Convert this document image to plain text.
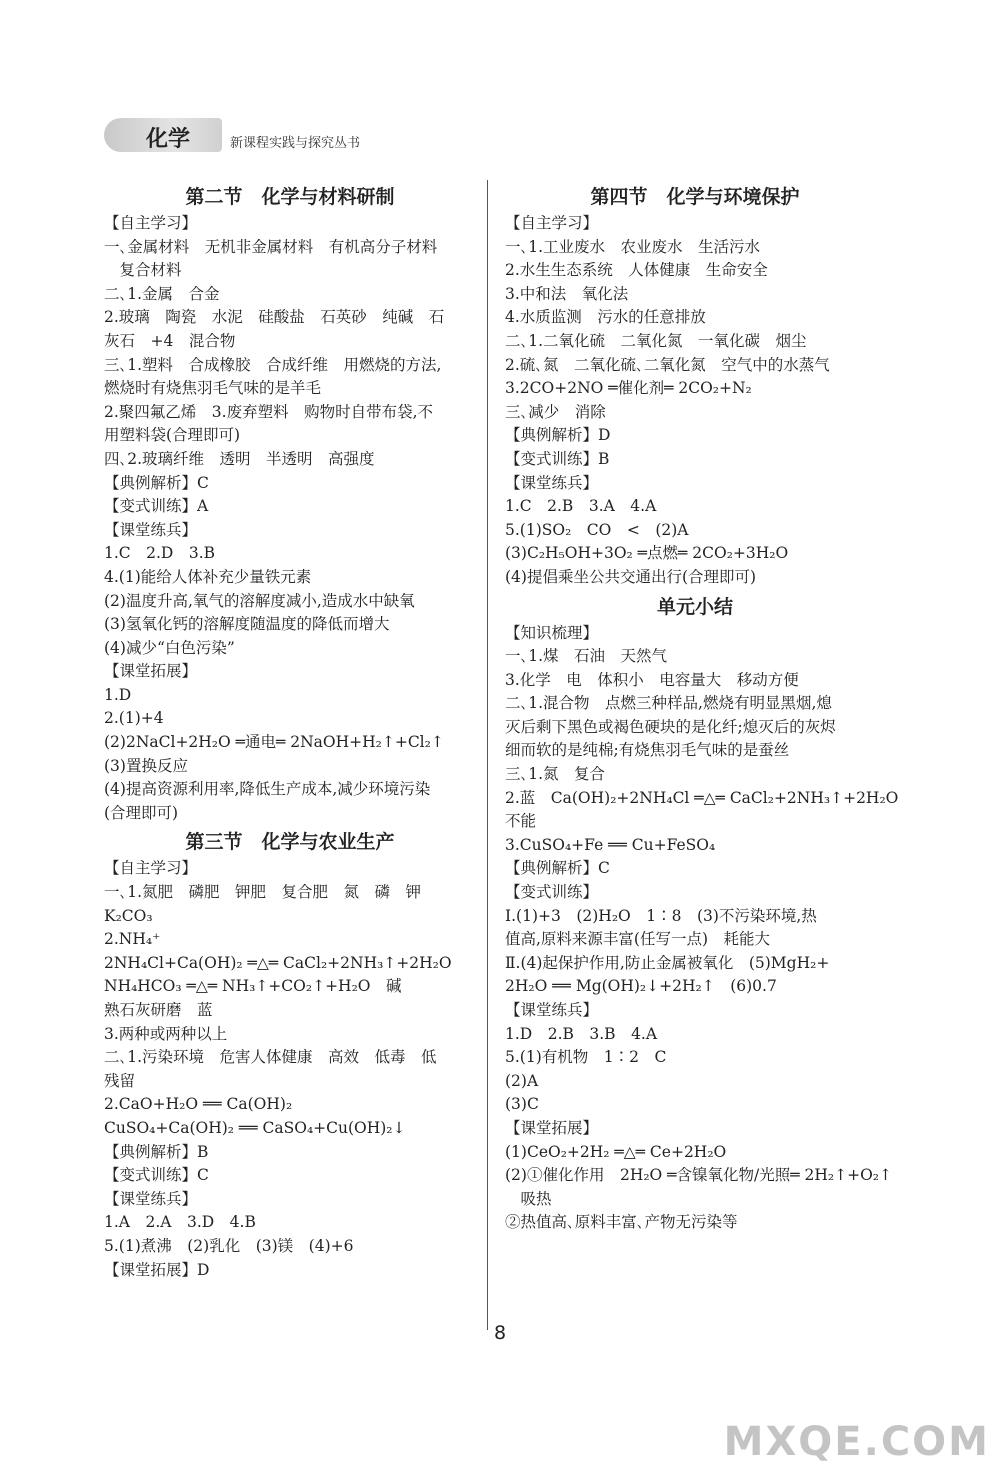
化学	新课程实践与探究丛书
第二节　化学与材料研制
【自主学习】
一､金属材料　无机非金属材料　有机高分子材料
　复合材料
二､1.金属　合金
2.玻璃　陶瓷　水泥　硅酸盐　石英砂　纯碱　石
灰石　+4　混合物
三､1.塑料　合成橡胶　合成纤维　用燃烧的方法,
燃烧时有烧焦羽毛气味的是羊毛
2.聚四氟乙烯　3.废弃塑料　购物时自带布袋,不
用塑料袋(合理即可)
四､2.玻璃纤维　透明　半透明　高强度
【典例解析】C
【变式训练】A
【课堂练兵】
1.C　2.D　3.B
4.(1)能给人体补充少量铁元素
(2)温度升高,氧气的溶解度减小,造成水中缺氧
(3)氢氧化钙的溶解度随温度的降低而增大
(4)减少“白色污染”
【课堂拓展】
1.D
2.(1)+4
(2)2NaCl+2H₂O ═通电═ 2NaOH+H₂↑+Cl₂↑
(3)置换反应
(4)提高资源利用率,降低生产成本,减少环境污染
(合理即可)
第三节　化学与农业生产
【自主学习】
一､1.氮肥　磷肥　钾肥　复合肥　氮　磷　钾
K₂CO₃
2.NH₄⁺
2NH₄Cl+Ca(OH)₂ ═△═ CaCl₂+2NH₃↑+2H₂O
NH₄HCO₃ ═△═ NH₃↑+CO₂↑+H₂O　碱
熟石灰研磨　蓝
3.两种或两种以上
二､1.污染环境　危害人体健康　高效　低毒　低
残留
2.CaO+H₂O ══ Ca(OH)₂
CuSO₄+Ca(OH)₂ ══ CaSO₄+Cu(OH)₂↓
【典例解析】B
【变式训练】C
【课堂练兵】
1.A　2.A　3.D　4.B
5.(1)煮沸　(2)乳化　(3)镁　(4)+6
【课堂拓展】D
第四节　化学与环境保护
【自主学习】
一､1.工业废水　农业废水　生活污水
2.水生生态系统　人体健康　生命安全
3.中和法　氧化法
4.水质监测　污水的任意排放
二､1.二氧化硫　二氧化氮　一氧化碳　烟尘
2.硫､氮　二氧化硫､二氧化氮　空气中的水蒸气
3.2CO+2NO ═催化剂═ 2CO₂+N₂
三､减少　消除
【典例解析】D
【变式训练】B
【课堂练兵】
1.C　2.B　3.A　4.A
5.(1)SO₂　CO　<　(2)A
(3)C₂H₅OH+3O₂ ═点燃═ 2CO₂+3H₂O
(4)提倡乘坐公共交通出行(合理即可)
单元小结
【知识梳理】
一､1.煤　石油　天然气
3.化学　电　体积小　电容量大　移动方便
二､1.混合物　点燃三种样品,燃烧有明显黑烟,熄
灭后剩下黑色或褐色硬块的是化纤;熄灭后的灰烬
细而软的是纯棉;有烧焦羽毛气味的是蚕丝
三､1.氮　复合
2.蓝　Ca(OH)₂+2NH₄Cl ═△═ CaCl₂+2NH₃↑+2H₂O
不能
3.CuSO₄+Fe ══ Cu+FeSO₄
【典例解析】C
【变式训练】
Ⅰ.(1)+3　(2)H₂O　1∶8　(3)不污染环境,热
值高,原料来源丰富(任写一点)　耗能大
Ⅱ.(4)起保护作用,防止金属被氧化　(5)MgH₂+
2H₂O ══ Mg(OH)₂↓+2H₂↑　(6)0.7
【课堂练兵】
1.D　2.B　3.B　4.A
5.(1)有机物　1∶2　C
(2)A
(3)C
【课堂拓展】
(1)CeO₂+2H₂ ═△═ Ce+2H₂O
(2)①催化作用　2H₂O ═含镍氧化物/光照═ 2H₂↑+O₂↑
　吸热
②热值高､原料丰富､产物无污染等
8
MXQE.COM
